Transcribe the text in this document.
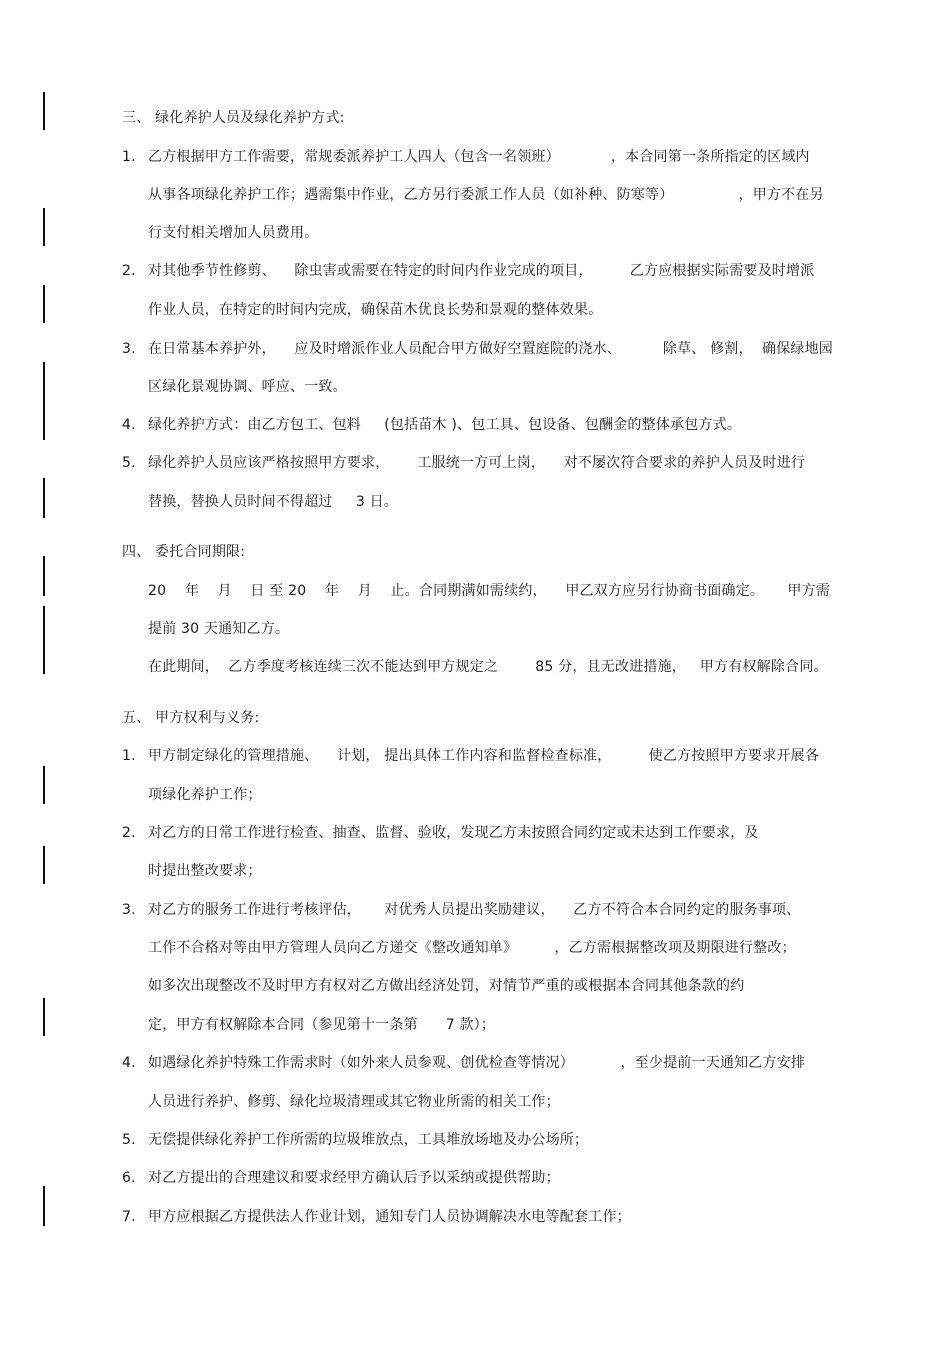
三、 绿化养护人员及绿化养护方式:
1. 乙方根据甲方工作需要，常规委派养护工人四人（包含一名领班）           ，本合同第一条所指定的区域内
从事各项绿化养护工作；遇需集中作业，乙方另行委派工作人员（如补种、防寒等）              ，甲方不在另
行支付相关增加人员费用。
2. 对其他季节性修剪、    除虫害或需要在特定的时间内作业完成的项目，        乙方应根据实际需要及时增派
作业人员，在特定的时间内完成，确保苗木优良长势和景观的整体效果。
3. 在日常基本养护外，    应及时增派作业人员配合甲方做好空置庭院的浇水、         除草、 修割，  确保绿地园
区绿化景观协调、呼应、一致。
4. 绿化养护方式：由乙方包工、包料     (包括苗木 )、包工具、包设备、包酬金的整体承包方式。
5. 绿化养护人员应该严格按照甲方要求，      工服统一方可上岗，    对不屡次符合要求的养护人员及时进行
替换，替换人员时间不得超过     3 日。
四、 委托合同期限:
20    年    月    日 至 20    年    月    止。合同期满如需续约，    甲乙双方应另行协商书面确定。     甲方需
提前 30 天通知乙方。
在此期间，  乙方季度考核连续三次不能达到甲方规定之        85 分，且无改进措施，   甲方有权解除合同。
五、 甲方权利与义务:
1. 甲方制定绿化的管理措施、    计划， 提出具体工作内容和监督检查标准，        使乙方按照甲方要求开展各
项绿化养护工作；
2. 对乙方的日常工作进行检查、抽查、监督、验收，发现乙方未按照合同约定或未达到工作要求，及
时提出整改要求；
3. 对乙方的服务工作进行考核评估，     对优秀人员提出奖励建议，    乙方不符合本合同约定的服务事项、
工作不合格对等由甲方管理人员向乙方递交《整改通知单》        ，乙方需根据整改项及期限进行整改；
如多次出现整改不及时甲方有权对乙方做出经济处罚，对情节严重的或根据本合同其他条款的约
定，甲方有权解除本合同（参见第十一条第      7 款）；
4. 如遇绿化养护特殊工作需求时（如外来人员参观、创优检查等情况）          ，至少提前一天通知乙方安排
人员进行养护、修剪、绿化垃圾清理或其它物业所需的相关工作；
5. 无偿提供绿化养护工作所需的垃圾堆放点，工具堆放场地及办公场所；
6. 对乙方提出的合理建议和要求经甲方确认后予以采纳或提供帮助；
7. 甲方应根据乙方提供法人作业计划，通知专门人员协调解决水电等配套工作；
